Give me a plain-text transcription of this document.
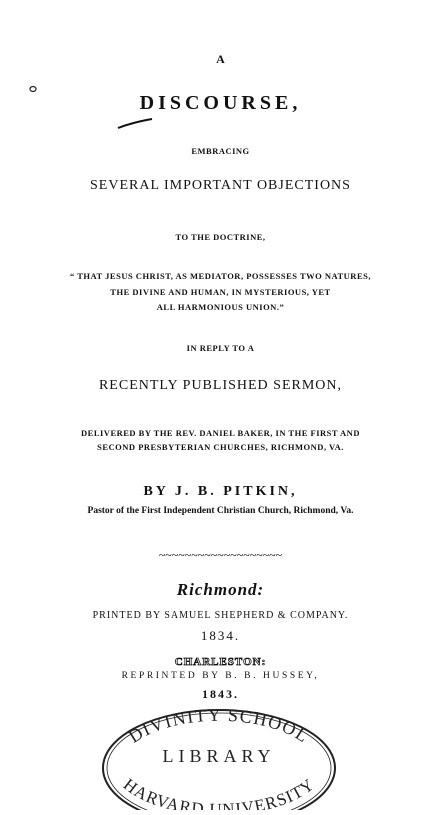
A
DISCOURSE,
EMBRACING
SEVERAL IMPORTANT OBJECTIONS
TO THE DOCTRINE,
“ THAT JESUS CHRIST, AS MEDIATOR, POSSESSES TWO NATURES,
THE DIVINE AND HUMAN, IN MYSTERIOUS, YET
ALL HARMONIOUS UNION.”
IN REPLY TO A
RECENTLY PUBLISHED SERMON,
DELIVERED BY THE REV. DANIEL BAKER, IN THE FIRST AND
SECOND PRESBYTERIAN CHURCHES, RICHMOND, VA.
BY J. B. PITKIN,
Pastor of the First Independent Christian Church, Richmond, Va.
~~~~~~~~~~~~~~~~~~~
Richmond:
PRINTED BY SAMUEL SHEPHERD & COMPANY.
1834.
CHARLESTON:
REPRINTED BY B. B. HUSSEY,
1843.
DIVINITY SCHOOL
LIBRARY
HARVARD UNIVERSITY
